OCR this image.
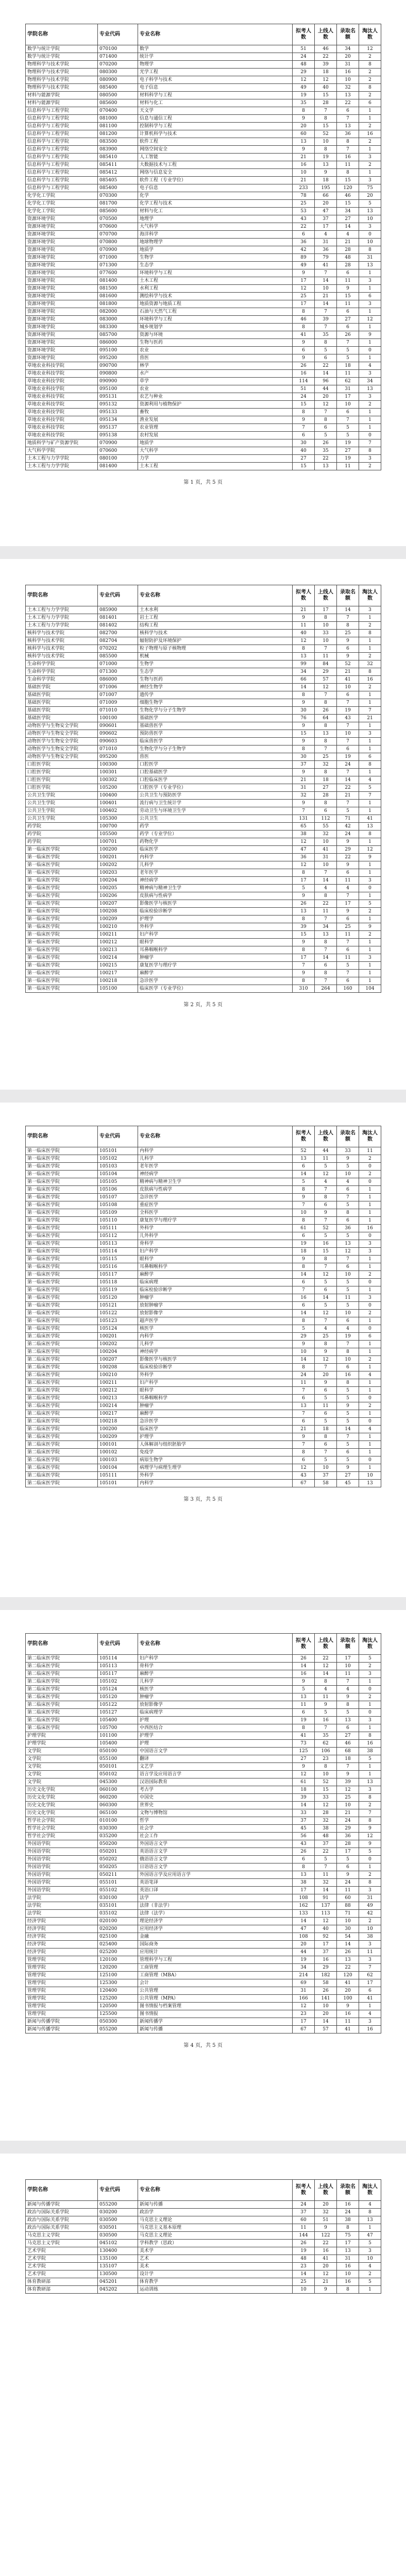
学院名称	专业代码	专业名称	拟考人数	上线人数	录取名额	淘汰人数
数学与统计学院	070100	数学	51	46	34	12
数学与统计学院	071400	统计学	24	22	20	2
物理科学与技术学院	070200	物理学	48	39	31	8
物理科学与技术学院	080300	光学工程	29	18	16	2
物理科学与技术学院	080900	电子科学与技术	12	12	10	2
物理科学与技术学院	085400	电子信息	49	40	32	8
材料与能源学院	080500	材料科学与工程	19	15	13	2
材料与能源学院	085600	材料与化工	35	28	22	6
信息科学与工程学院	070400	天文学	8	7	6	1
信息科学与工程学院	081000	信息与通信工程	9	8	7	1
信息科学与工程学院	081100	控制科学与工程	20	15	13	2
信息科学与工程学院	081200	计算机科学与技术	60	52	36	16
信息科学与工程学院	083500	软件工程	13	10	8	2
信息科学与工程学院	083900	网络空间安全	9	8	7	1
信息科学与工程学院	085410	人工智能	21	19	16	3
信息科学与工程学院	085411	大数据技术与工程	16	13	11	2
信息科学与工程学院	085412	网络与信息安全	10	9	8	1
信息科学与工程学院	085405	软件工程（专业学位）	21	18	15	3
信息科学与工程学院	085400	电子信息	233	195	120	75
化学化工学院	070300	化学	78	66	46	20
化学化工学院	081700	化学工程与技术	25	20	15	5
化学化工学院	085600	材料与化工	53	47	34	13
资源环境学院	070500	地理学	43	37	27	10
资源环境学院	070600	大气科学	22	17	14	3
资源环境学院	070700	海洋科学	6	4	4	0
资源环境学院	070800	地球物理学	36	31	21	10
资源环境学院	070900	地质学	42	36	28	8
资源环境学院	071000	生物学	89	79	48	31
资源环境学院	071300	生态学	49	41	28	13
资源环境学院	077600	环境科学与工程	9	7	6	1
资源环境学院	081400	土木工程	17	14	11	3
资源环境学院	081500	水利工程	12	10	9	1
资源环境学院	081600	测绘科学与技术	25	21	15	6
资源环境学院	081800	地质资源与地质工程	17	14	11	3
资源环境学院	082000	石油与天然气工程	8	7	6	1
资源环境学院	083000	环境科学与工程	46	39	27	12
资源环境学院	083300	城乡规划学	8	7	6	1
资源环境学院	085700	资源与环境	41	35	26	9
资源环境学院	086000	生物与医药	9	8	7	1
资源环境学院	095100	农业	6	5	5	0
资源环境学院	095200	兽医	9	6	5	1
草地农业科技学院	090700	林学	26	22	18	4
草地农业科技学院	090800	水产	16	14	11	3
草地农业科技学院	090900	草学	114	96	62	34
草地农业科技学院	095100	农业	51	44	31	13
草地农业科技学院	095131	农艺与种业	24	20	17	3
草地农业科技学院	095132	资源利用与植物保护	15	12	10	2
草地农业科技学院	095133	畜牧	8	7	6	1
草地农业科技学院	095134	渔业发展	9	8	7	1
草地农业科技学院	095137	农业管理	7	6	5	1
草地农业科技学院	095138	农村发展	6	5	5	0
地质科学与矿产资源学院	070900	地质学	30	26	19	7
大气科学学院	070600	大气科学	40	35	27	8
土木工程与力学学院	080100	力学	27	22	19	3
土木工程与力学学院	081400	土木工程	15	13	11	2
第 1 页，共 5 页
学院名称	专业代码	专业名称	拟考人数	上线人数	录取名额	淘汰人数
土木工程与力学学院	085900	土木水利	21	17	14	3
土木工程与力学学院	081401	岩土工程	9	8	7	1
土木工程与力学学院	081402	结构工程	11	10	8	2
核科学与技术学院	082700	核科学与技术	40	33	25	8
核科学与技术学院	082704	辐射防护及环境保护	12	10	9	1
核科学与技术学院	070202	粒子物理与原子核物理	8	7	6	1
核科学与技术学院	085500	机械	13	11	9	2
生命科学学院	071000	生物学	99	84	52	32
生命科学学院	071300	生态学	34	29	21	8
生命科学学院	086000	生物与医药	66	57	41	16
基础医学院	071006	神经生物学	14	12	10	2
基础医学院	071007	遗传学	8	7	6	1
基础医学院	071009	细胞生物学	9	8	7	1
基础医学院	071010	生物化学与分子生物学	30	26	19	7
基础医学院	100100	基础医学	76	64	43	21
动物医学与生物安全学院	090601	基础兽医学	9	8	7	1
动物医学与生物安全学院	090602	预防兽医学	15	13	10	3
动物医学与生物安全学院	090603	临床兽医学	9	8	7	1
动物医学与生物安全学院	071010	生物化学与分子生物学	8	7	6	1
动物医学与生物安全学院	095200	兽医	30	25	19	6
口腔医学院	100300	口腔医学	37	32	24	8
口腔医学院	100301	口腔基础医学	9	8	7	1
口腔医学院	100302	口腔临床医学	21	18	14	4
口腔医学院	105200	口腔医学（专业学位）	31	27	22	5
公共卫生学院	100400	公共卫生与预防医学	32	28	21	7
公共卫生学院	100401	流行病与卫生统计学	9	8	7	1
公共卫生学院	100402	劳动卫生与环境卫生学	7	6	5	1
公共卫生学院	105300	公共卫生	131	112	71	41
药学院	100700	药学	65	55	42	13
药学院	105500	药学（专业学位）	38	32	24	8
药学院	100701	药物化学	12	10	9	1
第一临床医学院	100200	临床医学	47	41	29	12
第一临床医学院	100201	内科学	36	31	22	9
第一临床医学院	100202	儿科学	12	10	9	1
第一临床医学院	100203	老年医学	8	7	6	1
第一临床医学院	100204	神经病学	17	14	11	3
第一临床医学院	100205	精神病与精神卫生学	5	4	4	0
第一临床医学院	100206	皮肤病与性病学	9	8	7	1
第一临床医学院	100207	影像医学与核医学	26	22	17	5
第一临床医学院	100208	临床检验诊断学	13	11	9	2
第一临床医学院	100209	护理学	8	7	6	1
第一临床医学院	100210	外科学	39	34	25	9
第一临床医学院	100211	妇产科学	15	13	11	2
第一临床医学院	100212	眼科学	9	8	7	1
第一临床医学院	100213	耳鼻咽喉科学	8	7	6	1
第一临床医学院	100214	肿瘤学	17	14	11	3
第一临床医学院	100215	康复医学与理疗学	7	6	5	1
第一临床医学院	100217	麻醉学	9	8	7	1
第一临床医学院	100218	急诊医学	8	7	6	1
第一临床医学院	105100	临床医学（专业学位）	310	264	160	104
第 2 页，共 5 页
学院名称	专业代码	专业名称	拟考人数	上线人数	录取名额	淘汰人数
第一临床医学院	105101	内科学	52	44	33	11
第一临床医学院	105102	儿科学	13	11	9	2
第一临床医学院	105103	老年医学	6	5	5	0
第一临床医学院	105104	神经病学	14	12	10	2
第一临床医学院	105105	精神病与精神卫生学	5	4	4	0
第一临床医学院	105106	皮肤病与性病学	8	7	6	1
第一临床医学院	105107	急诊医学	9	8	7	1
第一临床医学院	105108	重症医学	7	6	5	1
第一临床医学院	105109	全科医学	10	9	8	1
第一临床医学院	105110	康复医学与理疗学	8	7	6	1
第一临床医学院	105111	外科学	61	52	36	16
第一临床医学院	105112	儿外科学	6	5	5	0
第一临床医学院	105113	骨科学	19	16	13	3
第一临床医学院	105114	妇产科学	18	15	12	3
第一临床医学院	105115	眼科学	9	8	7	1
第一临床医学院	105116	耳鼻咽喉科学	8	7	6	1
第一临床医学院	105117	麻醉学	14	12	10	2
第一临床医学院	105118	临床病理	6	5	5	0
第一临床医学院	105119	临床检验诊断学	7	6	5	1
第一临床医学院	105120	肿瘤学	16	14	11	3
第一临床医学院	105121	放射肿瘤学	6	5	5	0
第一临床医学院	105122	放射影像学	14	12	10	2
第一临床医学院	105123	超声医学	8	7	6	1
第一临床医学院	105124	核医学	5	4	4	0
第二临床医学院	100201	内科学	29	25	19	6
第二临床医学院	100202	儿科学	9	8	7	1
第二临床医学院	100204	神经病学	10	9	8	1
第二临床医学院	100207	影像医学与核医学	14	12	10	2
第二临床医学院	100208	临床检验诊断学	8	7	6	1
第二临床医学院	100210	外科学	24	20	16	4
第二临床医学院	100211	妇产科学	11	9	8	1
第二临床医学院	100212	眼科学	7	6	5	1
第二临床医学院	100213	耳鼻咽喉科学	6	5	5	0
第二临床医学院	100214	肿瘤学	13	11	9	2
第二临床医学院	100217	麻醉学	7	6	5	1
第二临床医学院	100218	急诊医学	6	5	5	0
第二临床医学院	100200	临床医学	21	18	14	4
第二临床医学院	100209	护理学	9	8	7	1
第二临床医学院	100101	人体解剖与组织胚胎学	7	6	5	1
第二临床医学院	100102	免疫学	8	7	6	1
第二临床医学院	100103	病原生物学	6	5	5	0
第二临床医学院	100104	病理学与病理生理学	12	10	9	1
第二临床医学院	105111	外科学	43	37	27	10
第二临床医学院	105101	内科学	67	58	45	13
第 3 页，共 5 页
学院名称	专业代码	专业名称	拟考人数	上线人数	录取名额	淘汰人数
第二临床医学院	105114	妇产科学	26	22	17	5
第二临床医学院	105113	骨科学	14	12	10	2
第二临床医学院	105117	麻醉学	16	14	11	3
第二临床医学院	105102	儿科学	9	8	7	1
第二临床医学院	105124	核医学	5	4	4	0
第二临床医学院	105120	肿瘤学	13	11	9	2
第二临床医学院	105122	放射影像学	11	9	8	1
第二临床医学院	105127	临床病理学	6	5	5	0
第二临床医学院	105400	护理	19	16	13	3
第二临床医学院	105700	中西医结合	8	7	6	1
护理学院	101100	护理学	41	35	27	8
护理学院	105400	护理	73	62	46	16
文学院	050100	中国语言文学	125	106	68	38
文学院	055100	翻译	27	23	18	5
文学院	050101	文艺学	9	8	7	1
文学院	050102	语言学及应用语言学	12	10	9	1
文学院	045300	汉语国际教育	61	52	39	13
历史文化学院	060100	考古学	18	15	12	3
历史文化学院	060200	中国史	39	33	25	8
历史文化学院	060300	世界史	14	12	10	2
历史文化学院	065100	文物与博物馆	33	28	21	7
哲学社会学院	010100	哲学	37	32	24	8
哲学社会学院	030300	社会学	45	38	29	9
哲学社会学院	035200	社会工作	56	48	36	12
外国语学院	050200	外国语言文学	43	37	28	9
外国语学院	050201	英语语言文学	26	22	17	5
外国语学院	050202	俄语语言文学	6	5	5	0
外国语学院	050205	日语语言文学	8	7	6	1
外国语学院	050211	外国语言学及应用语言学	13	11	9	2
外国语学院	055101	英语笔译	38	32	24	8
外国语学院	055102	英语口译	17	14	11	3
法学院	030100	法学	108	91	60	31
法学院	035101	法律（非法学）	162	137	88	49
法学院	035102	法律（法学）	133	113	71	42
经济学院	020100	理论经济学	14	12	10	2
经济学院	020200	应用经济学	47	40	30	10
经济学院	025100	金融	108	92	54	38
经济学院	025400	国际商务	20	17	14	3
经济学院	025200	应用统计	44	37	26	11
管理学院	120100	管理科学与工程	19	16	13	3
管理学院	120200	工商管理	34	29	22	7
管理学院	125100	工商管理（MBA）	214	182	120	62
管理学院	125300	会计	69	58	41	17
管理学院	120400	公共管理	31	26	20	6
管理学院	125200	公共管理（MPA）	166	141	100	41
管理学院	120500	图书情报与档案管理	12	10	9	1
管理学院	125500	图书情报	23	20	16	4
新闻与传播学院	050300	新闻传播学	17	14	11	3
新闻与传播学院	055200	新闻与传播	67	57	41	16
第 4 页，共 5 页
学院名称	专业代码	专业名称	拟考人数	上线人数	录取名额	淘汰人数
新闻与传播学院	055200	新闻与传播	24	20	16	4
政治与国际关系学院	030200	政治学	37	32	24	8
政治与国际关系学院	030500	马克思主义理论	60	51	38	13
政治与国际关系学院	030501	马克思主义基本原理	11	9	8	1
马克思主义学院	030500	马克思主义理论	144	122	75	47
马克思主义学院	045102	学科教学（思政）	26	22	17	5
艺术学院	130400	美术学	19	16	13	3
艺术学院	135100	艺术	48	41	31	10
艺术学院	135107	美术	23	20	16	4
艺术学院	130500	设计学	14	12	10	2
体育教研部	045201	体育教学	25	21	16	5
体育教研部	045202	运动训练	10	9	8	1
